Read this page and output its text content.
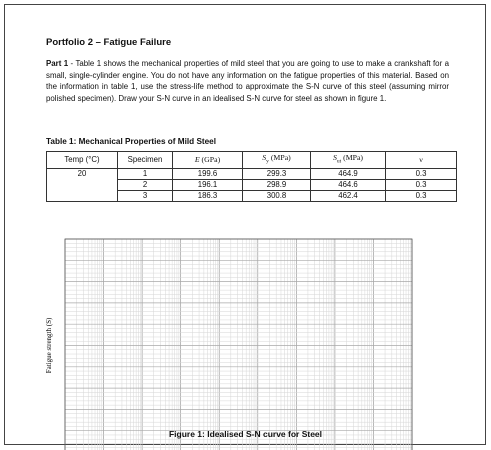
Portfolio 2 – Fatigue Failure
Part 1 - Table 1 shows the mechanical properties of mild steel that you are going to use to make a crankshaft for a small, single-cylinder engine. You do not have any information on the fatigue properties of this material. Based on the information in table 1, use the stress-life method to approximate the S-N curve of this steel (assuming mirror polished specimen). Draw your S-N curve in an idealised S-N curve for steel as shown in figure 1.
Table 1: Mechanical Properties of Mild Steel
Temp (°C)	Specimen	E (GPa)	$S_y$ (MPa)	$S_{ut}$ (MPa)	ν
20	1	199.6	299.3	464.9	0.3
	2	196.1	298.9	464.6	0.3
	3	186.3	300.8	462.4	0.3
Fatigue strength (S)
Figure 1: Idealised S-N curve for Steel
